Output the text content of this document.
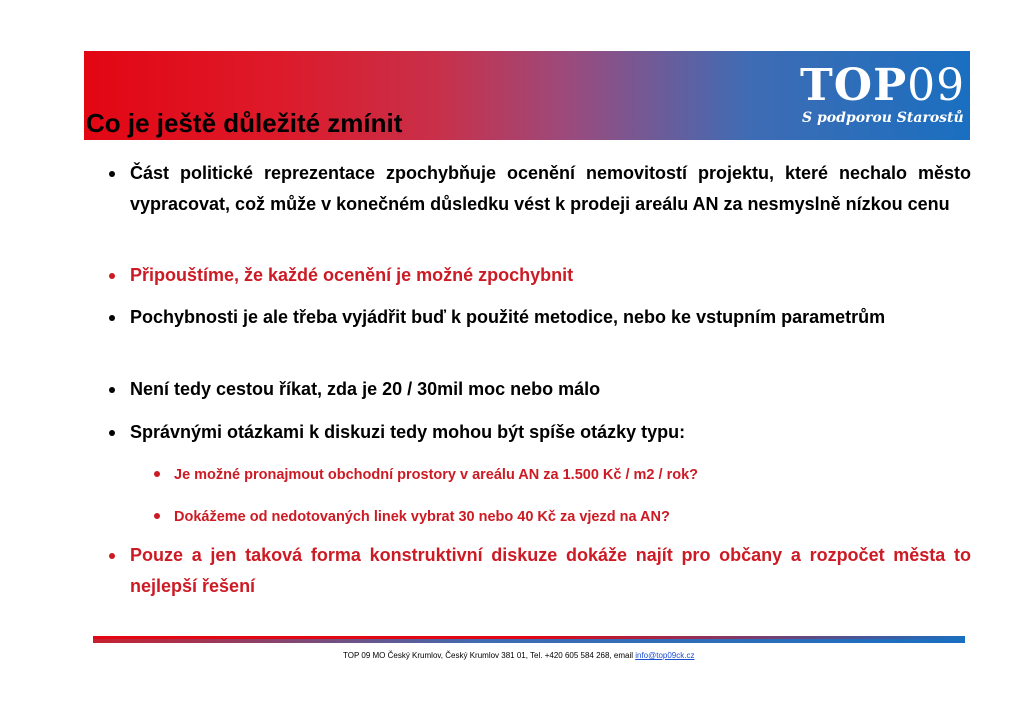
TOP09
S podporou Starostů
Co je ještě důležité zmínit
Část politické reprezentace zpochybňuje ocenění nemovitostí projektu, které nechalo město vypracovat, což může v konečném důsledku vést k prodeji areálu AN za nesmyslně nízkou cenu
Připouštíme, že každé ocenění je možné zpochybnit
Pochybnosti je ale třeba vyjádřit buď k použité metodice, nebo ke vstupním parametrům
Není tedy cestou říkat, zda je 20 / 30mil moc nebo málo
Správnými otázkami k diskuzi tedy mohou být spíše otázky typu:
Je možné pronajmout obchodní prostory v areálu AN za 1.500 Kč / m2 / rok?
Dokážeme od nedotovaných linek vybrat 30 nebo 40 Kč za vjezd na AN?
Pouze a jen taková forma konstruktivní diskuze dokáže najít pro občany a rozpočet města to nejlepší řešení
TOP 09 MO Český Krumlov, Český Krumlov 381 01, Tel. +420 605 584 268, email info@top09ck.cz
